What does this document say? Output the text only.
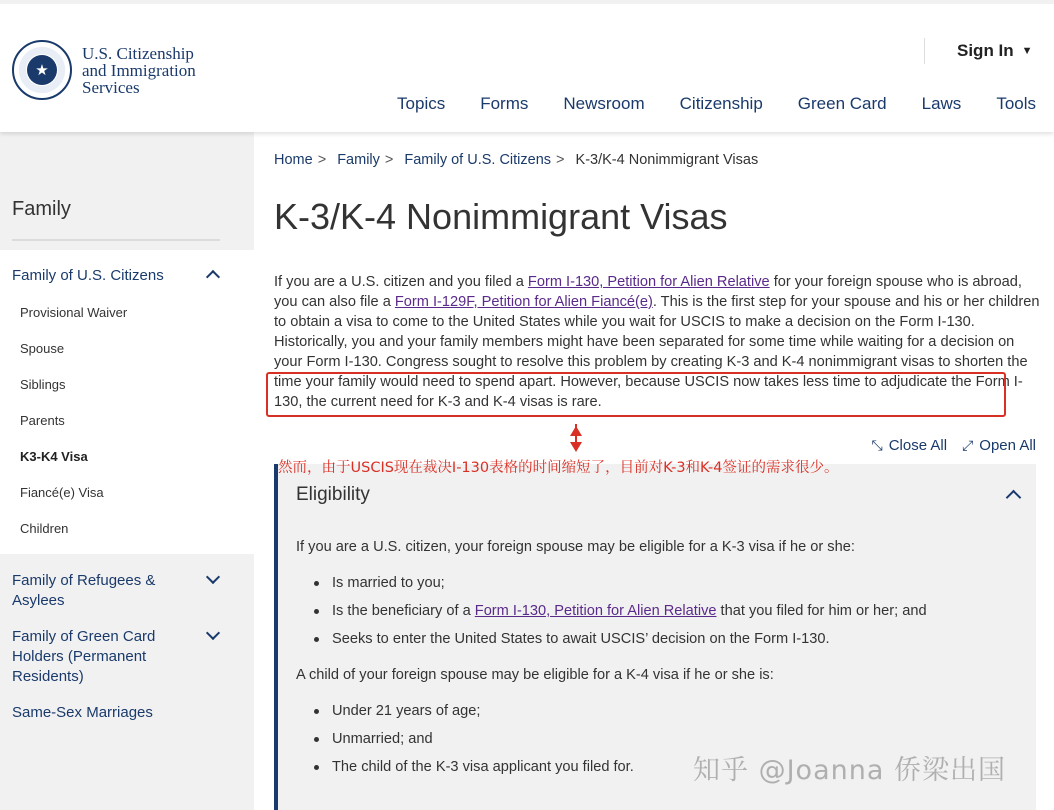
★
U.S. Citizenship
and Immigration
Services
Sign In ▼
Topics Forms Newsroom Citizenship Green Card Laws Tools
Family
Family of U.S. Citizens
Provisional Waiver
Spouse
Siblings
Parents
K3-K4 Visa
Fiancé(e) Visa
Children
Family of Refugees &
Asylees
Family of Green Card
Holders (Permanent
Residents)
Same-Sex Marriages
Home > Family > Family of U.S. Citizens > K-3/K-4 Nonimmigrant Visas
K-3/K-4 Nonimmigrant Visas

If you are a U.S. citizen and you filed a Form I-130, Petition for Alien Relative for your foreign spouse who is abroad, you can also file a Form I-129F, Petition for Alien Fiancé(e). This is the first step for your spouse and his or her children to obtain a visa to come to the United States while you wait for USCIS to make a decision on the Form I-130. Historically, you and your family members might have been separated for some time while waiting for a decision on your Form I-130. Congress sought to resolve this problem by creating K-3 and K-4 nonimmigrant visas to shorten the time your family would need to spend apart. However, because USCIS now takes less time to adjudicate the Form I-130, the current need for K-3 and K-4 visas is rare.

⤡ Close All ⤢ Open All
Eligibility
If you are a U.S. citizen, your foreign spouse may be eligible for a K-3 visa if he or she:
Is married to you;
Is the beneficiary of a Form I-130, Petition for Alien Relative that you filed for him or her; and
Seeks to enter the United States to await USCIS’ decision on the Form I-130.
A child of your foreign spouse may be eligible for a K-4 visa if he or she is:
Under 21 years of age;
Unmarried; and
The child of the K-3 visa applicant you filed for.
然而，由于USCIS现在裁决I-130表格的时间缩短了，目前对K-3和K-4签证的需求很少。
知乎 @Joanna 侨梁出国
